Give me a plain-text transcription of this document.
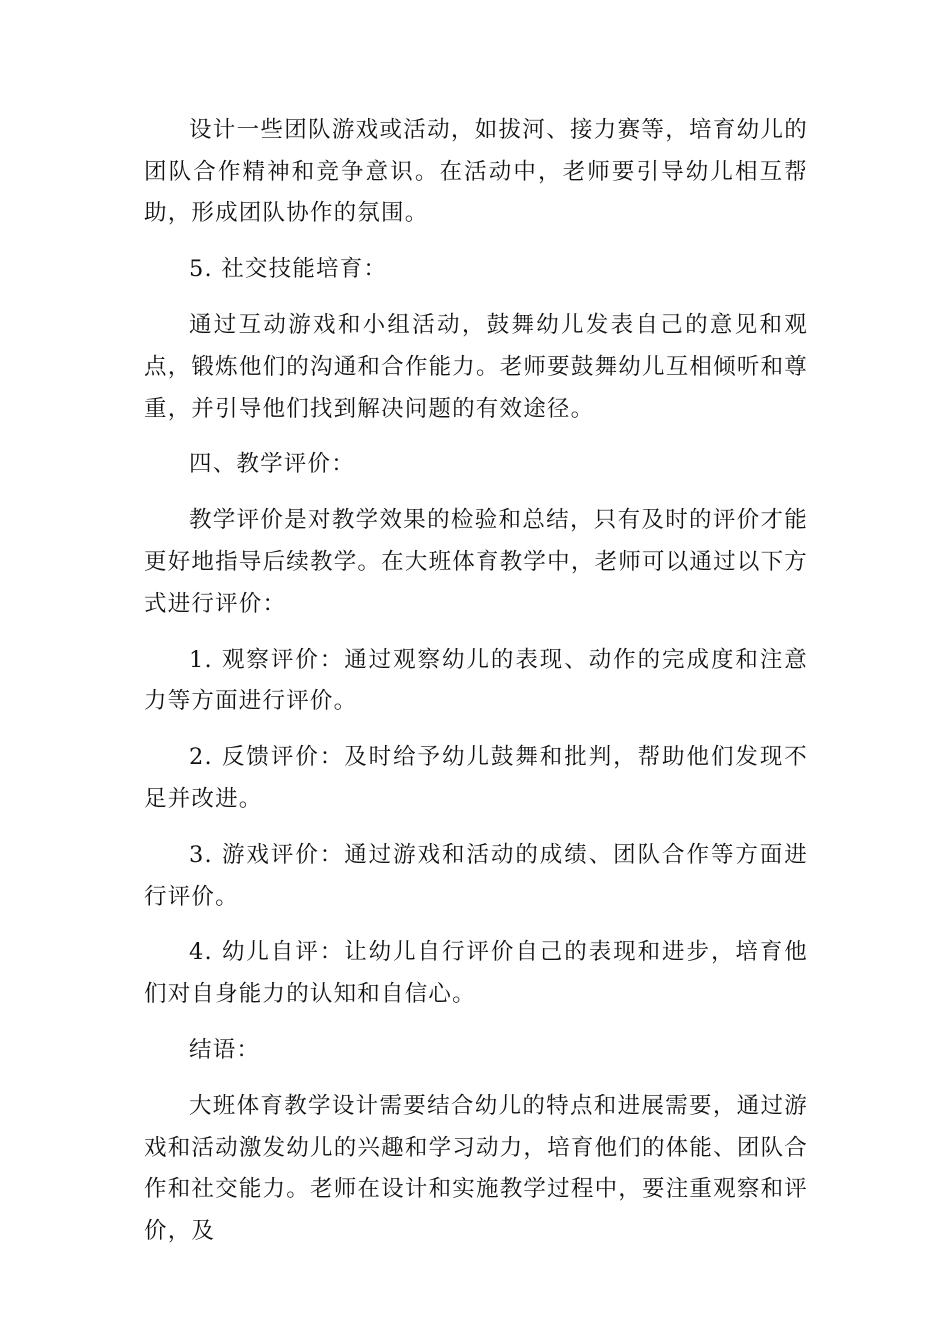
设计一些团队游戏或活动，如拔河、接力赛等，培育幼儿的团队合作精神和竞争意识。在活动中，老师要引导幼儿相互帮助，形成团队协作的氛围。

5. 社交技能培育：

通过互动游戏和小组活动，鼓舞幼儿发表自己的意见和观点，锻炼他们的沟通和合作能力。老师要鼓舞幼儿互相倾听和尊重，并引导他们找到解决问题的有效途径。

四、教学评价：

教学评价是对教学效果的检验和总结，只有及时的评价才能更好地指导后续教学。在大班体育教学中，老师可以通过以下方式进行评价：

1. 观察评价：通过观察幼儿的表现、动作的完成度和注意力等方面进行评价。

2. 反馈评价：及时给予幼儿鼓舞和批判，帮助他们发现不足并改进。

3. 游戏评价：通过游戏和活动的成绩、团队合作等方面进行评价。

4. 幼儿自评：让幼儿自行评价自己的表现和进步，培育他们对自身能力的认知和自信心。

结语：

大班体育教学设计需要结合幼儿的特点和进展需要，通过游戏和活动激发幼儿的兴趣和学习动力，培育他们的体能、团队合作和社交能力。老师在设计和实施教学过程中，要注重观察和评价，及
